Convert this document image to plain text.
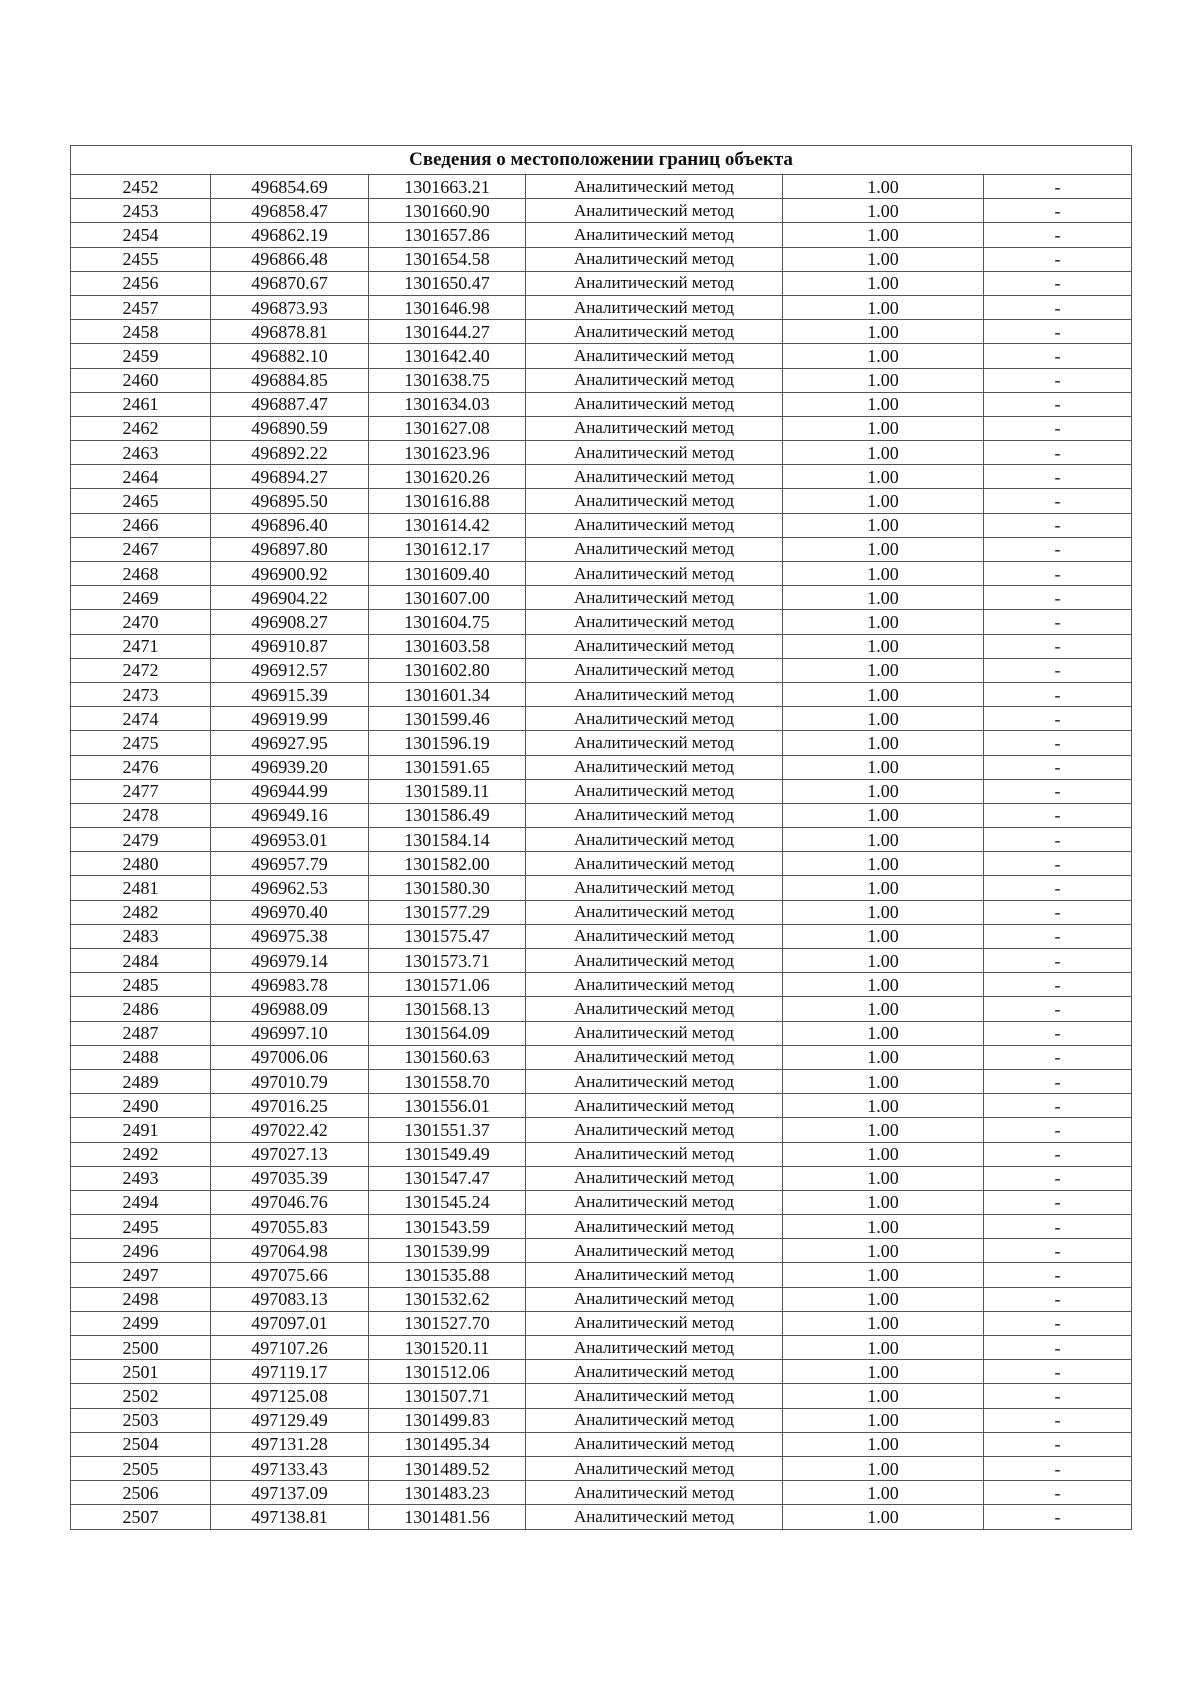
Сведения о местоположении границ объекта					
2452	496854.69	1301663.21	Аналитический метод	1.00	-
2453	496858.47	1301660.90	Аналитический метод	1.00	-
2454	496862.19	1301657.86	Аналитический метод	1.00	-
2455	496866.48	1301654.58	Аналитический метод	1.00	-
2456	496870.67	1301650.47	Аналитический метод	1.00	-
2457	496873.93	1301646.98	Аналитический метод	1.00	-
2458	496878.81	1301644.27	Аналитический метод	1.00	-
2459	496882.10	1301642.40	Аналитический метод	1.00	-
2460	496884.85	1301638.75	Аналитический метод	1.00	-
2461	496887.47	1301634.03	Аналитический метод	1.00	-
2462	496890.59	1301627.08	Аналитический метод	1.00	-
2463	496892.22	1301623.96	Аналитический метод	1.00	-
2464	496894.27	1301620.26	Аналитический метод	1.00	-
2465	496895.50	1301616.88	Аналитический метод	1.00	-
2466	496896.40	1301614.42	Аналитический метод	1.00	-
2467	496897.80	1301612.17	Аналитический метод	1.00	-
2468	496900.92	1301609.40	Аналитический метод	1.00	-
2469	496904.22	1301607.00	Аналитический метод	1.00	-
2470	496908.27	1301604.75	Аналитический метод	1.00	-
2471	496910.87	1301603.58	Аналитический метод	1.00	-
2472	496912.57	1301602.80	Аналитический метод	1.00	-
2473	496915.39	1301601.34	Аналитический метод	1.00	-
2474	496919.99	1301599.46	Аналитический метод	1.00	-
2475	496927.95	1301596.19	Аналитический метод	1.00	-
2476	496939.20	1301591.65	Аналитический метод	1.00	-
2477	496944.99	1301589.11	Аналитический метод	1.00	-
2478	496949.16	1301586.49	Аналитический метод	1.00	-
2479	496953.01	1301584.14	Аналитический метод	1.00	-
2480	496957.79	1301582.00	Аналитический метод	1.00	-
2481	496962.53	1301580.30	Аналитический метод	1.00	-
2482	496970.40	1301577.29	Аналитический метод	1.00	-
2483	496975.38	1301575.47	Аналитический метод	1.00	-
2484	496979.14	1301573.71	Аналитический метод	1.00	-
2485	496983.78	1301571.06	Аналитический метод	1.00	-
2486	496988.09	1301568.13	Аналитический метод	1.00	-
2487	496997.10	1301564.09	Аналитический метод	1.00	-
2488	497006.06	1301560.63	Аналитический метод	1.00	-
2489	497010.79	1301558.70	Аналитический метод	1.00	-
2490	497016.25	1301556.01	Аналитический метод	1.00	-
2491	497022.42	1301551.37	Аналитический метод	1.00	-
2492	497027.13	1301549.49	Аналитический метод	1.00	-
2493	497035.39	1301547.47	Аналитический метод	1.00	-
2494	497046.76	1301545.24	Аналитический метод	1.00	-
2495	497055.83	1301543.59	Аналитический метод	1.00	-
2496	497064.98	1301539.99	Аналитический метод	1.00	-
2497	497075.66	1301535.88	Аналитический метод	1.00	-
2498	497083.13	1301532.62	Аналитический метод	1.00	-
2499	497097.01	1301527.70	Аналитический метод	1.00	-
2500	497107.26	1301520.11	Аналитический метод	1.00	-
2501	497119.17	1301512.06	Аналитический метод	1.00	-
2502	497125.08	1301507.71	Аналитический метод	1.00	-
2503	497129.49	1301499.83	Аналитический метод	1.00	-
2504	497131.28	1301495.34	Аналитический метод	1.00	-
2505	497133.43	1301489.52	Аналитический метод	1.00	-
2506	497137.09	1301483.23	Аналитический метод	1.00	-
2507	497138.81	1301481.56	Аналитический метод	1.00	-
